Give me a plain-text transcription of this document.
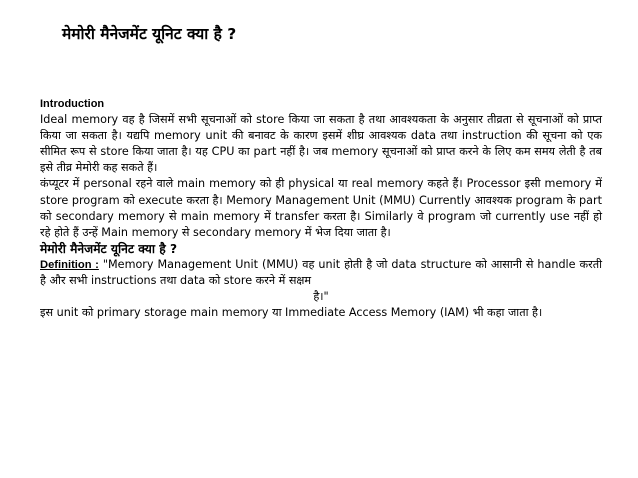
मेमोरी मैनेजमेंट यूनिट क्या है ?
Introduction

Ideal memory वह है जिसमें सभी सूचनाओं को store किया जा सकता है तथा आवश्यकता के अनुसार तीव्रता से सूचनाओं को प्राप्त किया जा सकता है। यद्यपि memory unit की बनावट के कारण इसमें शीघ्र आवश्यक data तथा instruction की सूचना को एक सीमित रूप से store किया जाता है। यह CPU का part नहीं है। जब memory सूचनाओं को प्राप्त करने के लिए कम समय लेती है तब इसे तीव्र मेमोरी कह सकते हैं।

कंप्यूटर में personal रहने वाले main memory को ही physical या real memory कहते हैं। Processor इसी memory में store program को execute करता है। Memory Management Unit (MMU) Currently आवश्यक program के part को secondary memory से main memory में transfer करता है। Similarly वे program जो currently use नहीं हो रहे होते हैं उन्हें Main memory से secondary memory में भेज दिया जाता है।

मेमोरी मैनेजमेंट यूनिट क्या है ?

Definition : "Memory Management Unit (MMU) वह unit होती है जो data structure को आसानी से handle करती है और सभी instructions तथा data को store करने में सक्षम
है।"

इस unit को primary storage main memory या Immediate Access Memory (IAM) भी कहा जाता है।
